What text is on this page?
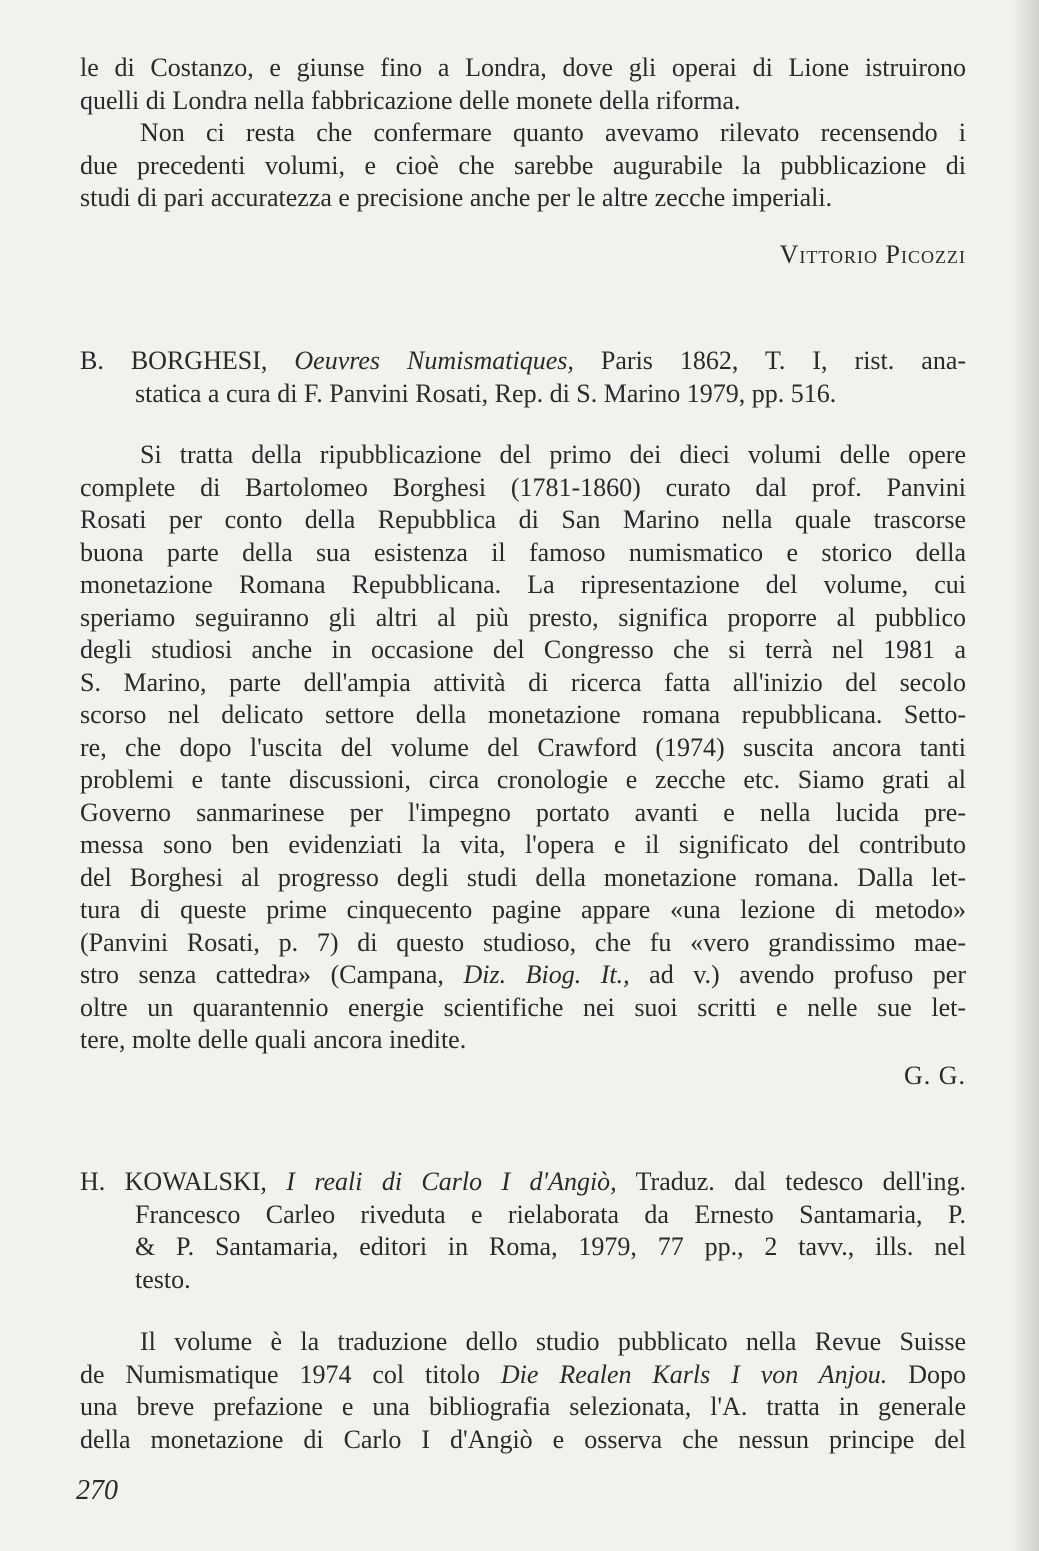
le di Costanzo, e giunse fino a Londra, dove gli operai di Lione istruirono
quelli di Londra nella fabbricazione delle monete della riforma.
Non ci resta che confermare quanto avevamo rilevato recensendo i
due precedenti volumi, e cioè che sarebbe augurabile la pubblicazione di
studi di pari accuratezza e precisione anche per le altre zecche imperiali.

Vittorio Picozzi

B. BORGHESI, Oeuvres Numismatiques, Paris 1862, T. I, rist. ana-
statica a cura di F. Panvini Rosati, Rep. di S. Marino 1979, pp. 516.
Si tratta della ripubblicazione del primo dei dieci volumi delle opere
complete di Bartolomeo Borghesi (1781-1860) curato dal prof. Panvini
Rosati per conto della Repubblica di San Marino nella quale trascorse
buona parte della sua esistenza il famoso numismatico e storico della
monetazione Romana Repubblicana. La ripresentazione del volume, cui
speriamo seguiranno gli altri al più presto, significa proporre al pubblico
degli studiosi anche in occasione del Congresso che si terrà nel 1981 a
S. Marino, parte dell'ampia attività di ricerca fatta all'inizio del secolo
scorso nel delicato settore della monetazione romana repubblicana. Setto-
re, che dopo l'uscita del volume del Crawford (1974) suscita ancora tanti
problemi e tante discussioni, circa cronologie e zecche etc. Siamo grati al
Governo sanmarinese per l'impegno portato avanti e nella lucida pre-
messa sono ben evidenziati la vita, l'opera e il significato del contributo
del Borghesi al progresso degli studi della monetazione romana. Dalla let-
tura di queste prime cinquecento pagine appare «una lezione di metodo»
(Panvini Rosati, p. 7) di questo studioso, che fu «vero grandissimo mae-
stro senza cattedra» (Campana, Diz. Biog. It., ad v.) avendo profuso per
oltre un quarantennio energie scientifiche nei suoi scritti e nelle sue let-
tere, molte delle quali ancora inedite.

G. G.

H. KOWALSKI, I reali di Carlo I d'Angiò, Traduz. dal tedesco dell'ing.
Francesco Carleo riveduta e rielaborata da Ernesto Santamaria, P.
& P. Santamaria, editori in Roma, 1979, 77 pp., 2 tavv., ills. nel
testo.
Il volume è la traduzione dello studio pubblicato nella Revue Suisse
de Numismatique 1974 col titolo Die Realen Karls I von Anjou. Dopo
una breve prefazione e una bibliografia selezionata, l'A. tratta in generale
della monetazione di Carlo I d'Angiò e osserva che nessun principe del

270
